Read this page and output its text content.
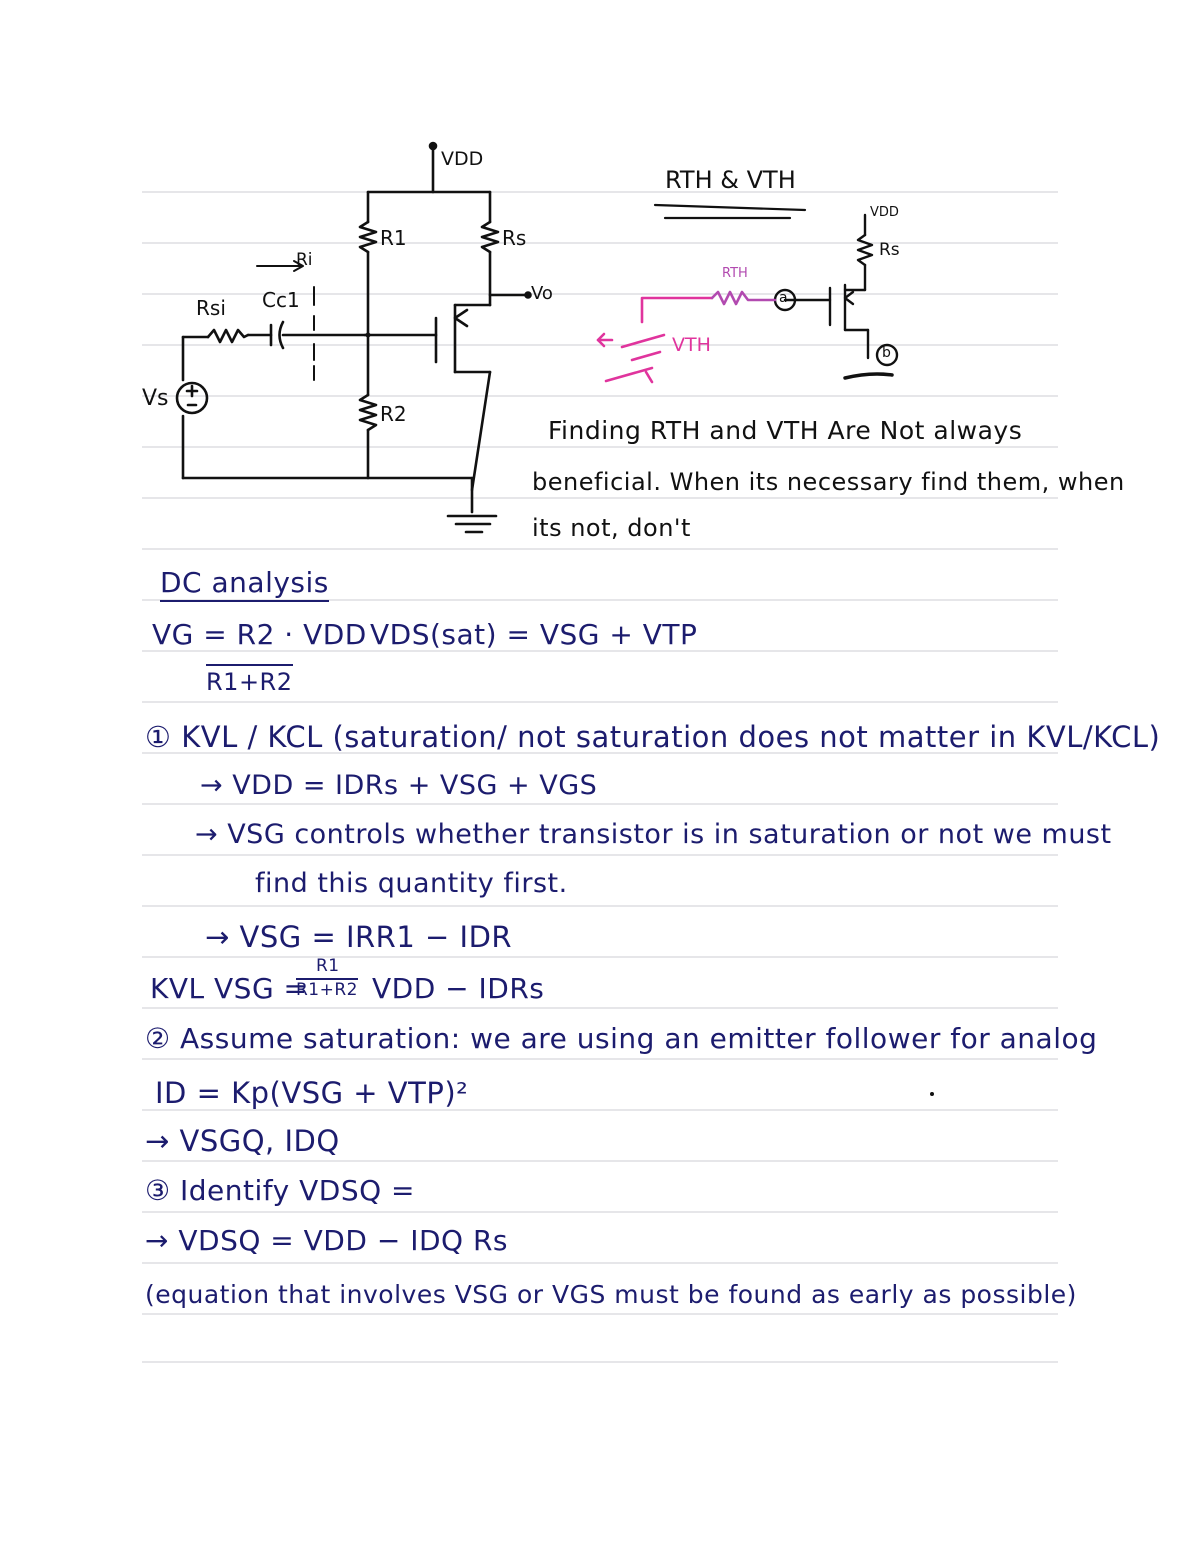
VDD
R1	Rs
Ri
Cc1
Rsi
Vo
Vs
R2
RTH & VTH
VDD
Rs
RTH
VTH
a
b
Finding RTH and VTH Are Not always
beneficial. When its necessary find them, when
its not, don't
DC analysis
VG = R2 · VDD
R1+R2
VDS(sat) = VSG + VTP
① KVL / KCL (saturation/ not saturation does not matter in KVL/KCL)
→ VDD = IDRs + VSG + VGS
→ VSG controls whether transistor is in saturation or not we must
find this quantity first.
→ VSG = IRR1 − IDR
KVL VSG =
R1
R1+R2 VDD − IDRs
② Assume saturation: we are using an emitter follower for analog
ID = Kp(VSG + VTP)²
→ VSGQ, IDQ
③ Identify VDSQ =
→ VDSQ = VDD − IDQ Rs
(equation that involves VSG or VGS must be found as early as possible)
